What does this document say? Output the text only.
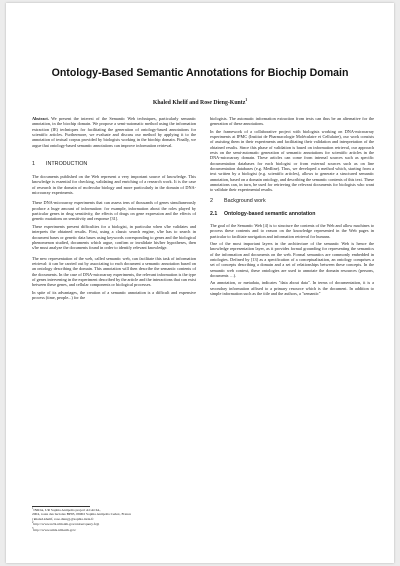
Ontology-Based Semantic Annotations for Biochip Domain
Khaled Khelif and Rose Dieng-Kuntz$^1$

Abstract. We present the interest of the Semantic Web techniques, particularly semantic annotation, in the biochip domain. We propose a semi-automatic method using the information extraction (IE) techniques for facilitating the generation of ontology-based annotations for scientific articles. Furthermore, we evaluate and discuss our method by applying it to the annotation of textual corpus provided by biologists working in the biochip domain. Finally, we argue that ontology-based semantic annotations can improve information retrieval.

1 INTRODUCTION

The documents published on the Web represent a very important source of knowledge. This knowledge is essential for checking, validating and enriching of a research work. It is the case of research in the domain of molecular biology and more particularly in the domain of DNA-microarray experiments.

These DNA-microarray experiments that can assess tens of thousands of genes simultaneously produce a huge amount of information: for example, information about the roles played by particular genes in drug sensitivity, the effects of drugs on gene expression and the effects of genetic mutations on sensitivity and response [31].

These experiments present difficulties for a biologist, in particular when s/he validates and interprets the obtained results. First, using a classic search engine, s/he has to search in document bases or genetic data bases using keywords corresponding to genes and the biological phenomenon studied, documents which argue, confirm or invalidate his/her hypotheses, then s/he must analyze the documents found in order to identify relevant knowledge.

The new representation of the web, called semantic web, can facilitate this task of information retrieval: it can be carried out by associating to each document a semantic annotation based on an ontology describing the domain. This annotation will then describe the semantic contents of the documents. In the case of DNA-microarray experiments, the relevant information is the type of genes intervening in the experiment described by the article and the interactions that can exist between these genes, and cellular components or biological processes.

In spite of its advantages, the creation of a semantic annotation is a difficult and expensive process (time, people...) for the

$^1$INRIA, UR Sophia Antipolis project ACACIA,
2004, route des lucioles BP93, 06902 Sophia Antipolis Cedex, France
{khaled.khelif, rose.dieng}@sophia.inria.fr
$^2$http://www.ncbi.nlm.nih.gov/entrez/query.fcgi
$^3$http://www.umls.nlm.nih.gov/

biologists. The automatic information extraction from texts can thus be an alternative for the generation of these annotations.

In the framework of a collaborative project with biologists working on DNA-microarray experiments at IPMC (Institut de Pharmacologie Moléculaire et Cellulaire), our work consists of assisting them in their experiments and facilitating their validation and interpretation of the obtained results. Since this phase of validation is based on information retrieval, our approach rests on the semi-automatic generation of semantic annotations for scientific articles in the DNA-microarray domain. These articles can come from internal sources such as specific documentation databases for each biologist or from external sources such as on line documentation databases (e.g. Medline). Thus, we developed a method which, starting from a text written by a biologist (e.g. scientific articles), allows to generate a structured semantic annotation, based on a domain ontology, and describing the semantic contents of this text. These annotations can, in turn, be used for retrieving the relevant documents for biologists who want to validate their experimental results.

2 Background work
2.1 Ontology-based semantic annotation

The goal of the Semantic Web [4] is to structure the contents of the Web and allow machines to process these contents and to reason on the knowledge represented in the Web pages in particular to facilitate navigation and information retrieval for humans.

One of the most important layers in the architecture of the semantic Web is hence the knowledge representation layer, as it provides formal grounding for representing the semantics of the information and documents on the web. Formal semantics are commonly embedded in ontologies. Defined by [13] as a specification of a conceptualization, an ontology comprises a set of concepts describing a domain and a set of relationships between these concepts. In the semantic web context, these ontologies are used to annotate the domain resources (persons, documents …).

An annotation, or metadata, indicates "data about data". In terms of documentation, it is a secondary information affixed to a primary resource which is the document. In addition to simple information such as the title and the authors, a "semantic"
